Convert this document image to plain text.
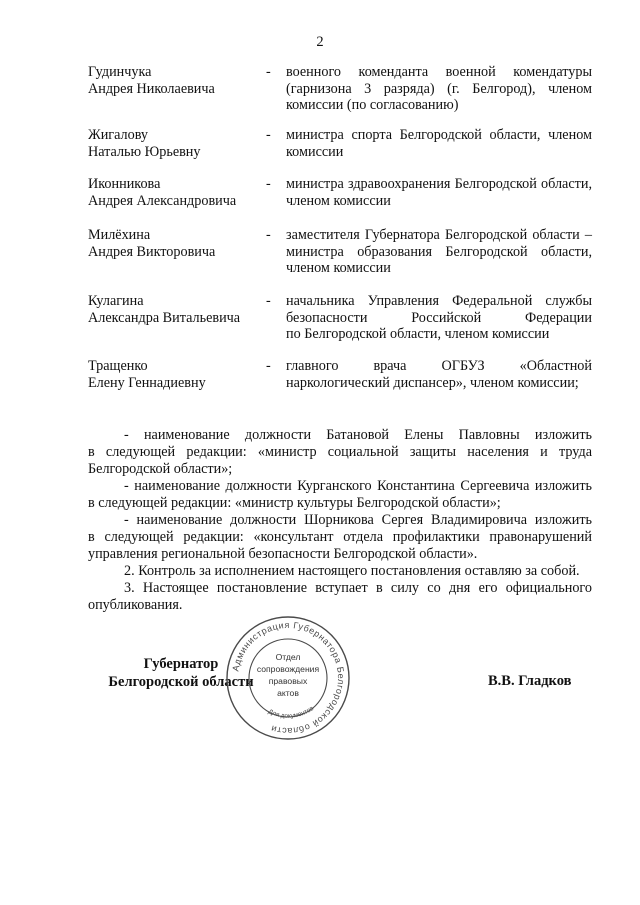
2
Гудинчука
Андрея Николаевича
- военного коменданта военной комендатуры
(гарнизона 3 разряда) (г. Белгород), членом
комиссии (по согласованию)
Жигалову
Наталью Юрьевну
- министра спорта Белгородской области, членом
комиссии
Иконникова
Андрея Александровича
- министра здравоохранения Белгородской области,
членом комиссии
Милёхина
Андрея Викторовича
- заместителя Губернатора Белгородской области –
министра образования Белгородской области,
членом комиссии
Кулагина
Александра Витальевича
- начальника Управления Федеральной службы
безопасности Российской Федерации
по Белгородской области, членом комиссии
Тращенко
Елену Геннадиевну
- главного врача ОГБУЗ «Областной
наркологический диспансер», членом комиссии;
- наименование должности Батановой Елены Павловны изложить
в следующей редакции: «министр социальной защиты населения и труда
Белгородской области»;
- наименование должности Курганского Константина Сергеевича изложить
в следующей редакции: «министр культуры Белгородской области»;
- наименование должности Шорникова Сергея Владимировича изложить
в следующей редакции: «консультант отдела профилактики правонарушений
управления региональной безопасности Белгородской области».
2. Контроль за исполнением настоящего постановления оставляю за собой.
3. Настоящее постановление вступает в силу со дня его официального
опубликования.
Губернатор
Белгородской области	В.В. Гладков
Администрация Губернатора Белгородской области
Для документов
Отдел
сопровождения
правовых
актов
